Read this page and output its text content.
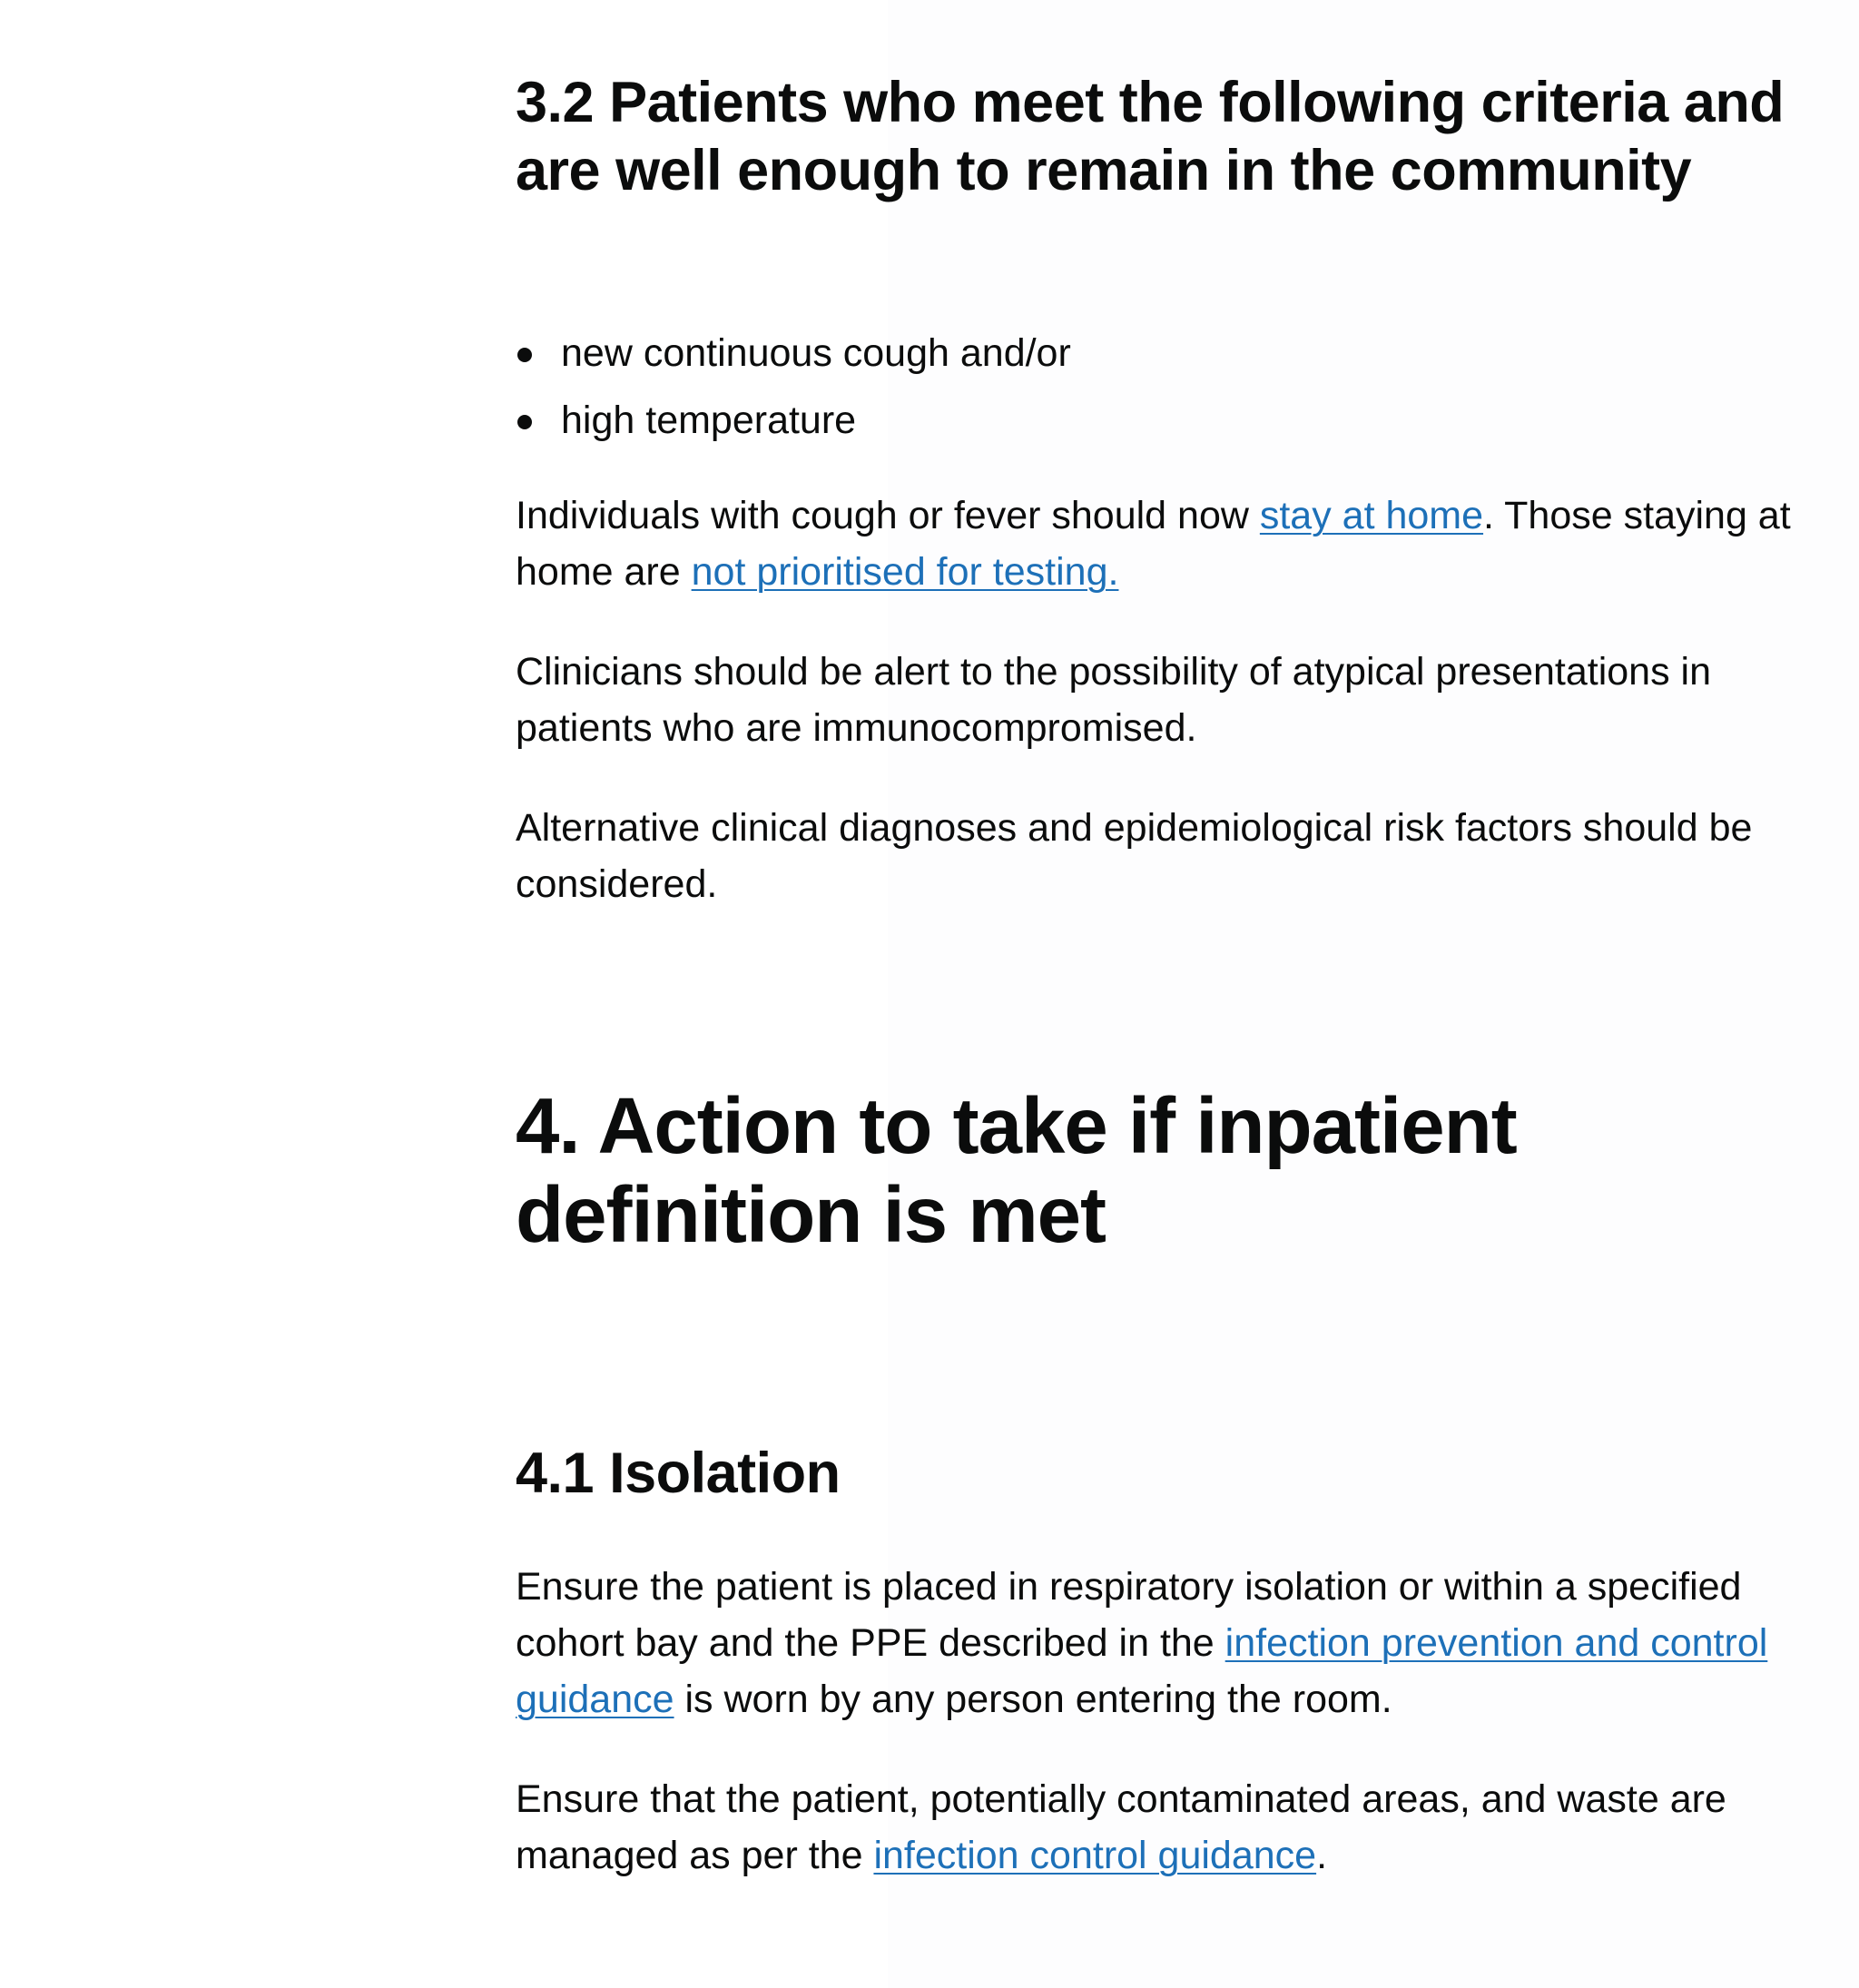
3.2 Patients who meet the following criteria and are well enough to remain in the community
new continuous cough and/or
high temperature

Individuals with cough or fever should now stay at home. Those staying at home are not prioritised for testing.

Clinicians should be alert to the possibility of atypical presentations in patients who are immunocompromised.

Alternative clinical diagnoses and epidemiological risk factors should be considered.

4. Action to take if inpatient definition is met
4.1 Isolation

Ensure the patient is placed in respiratory isolation or within a specified cohort bay and the PPE described in the infection prevention and control guidance is worn by any person entering the room.

Ensure that the patient, potentially contaminated areas, and waste are managed as per the infection control guidance.
